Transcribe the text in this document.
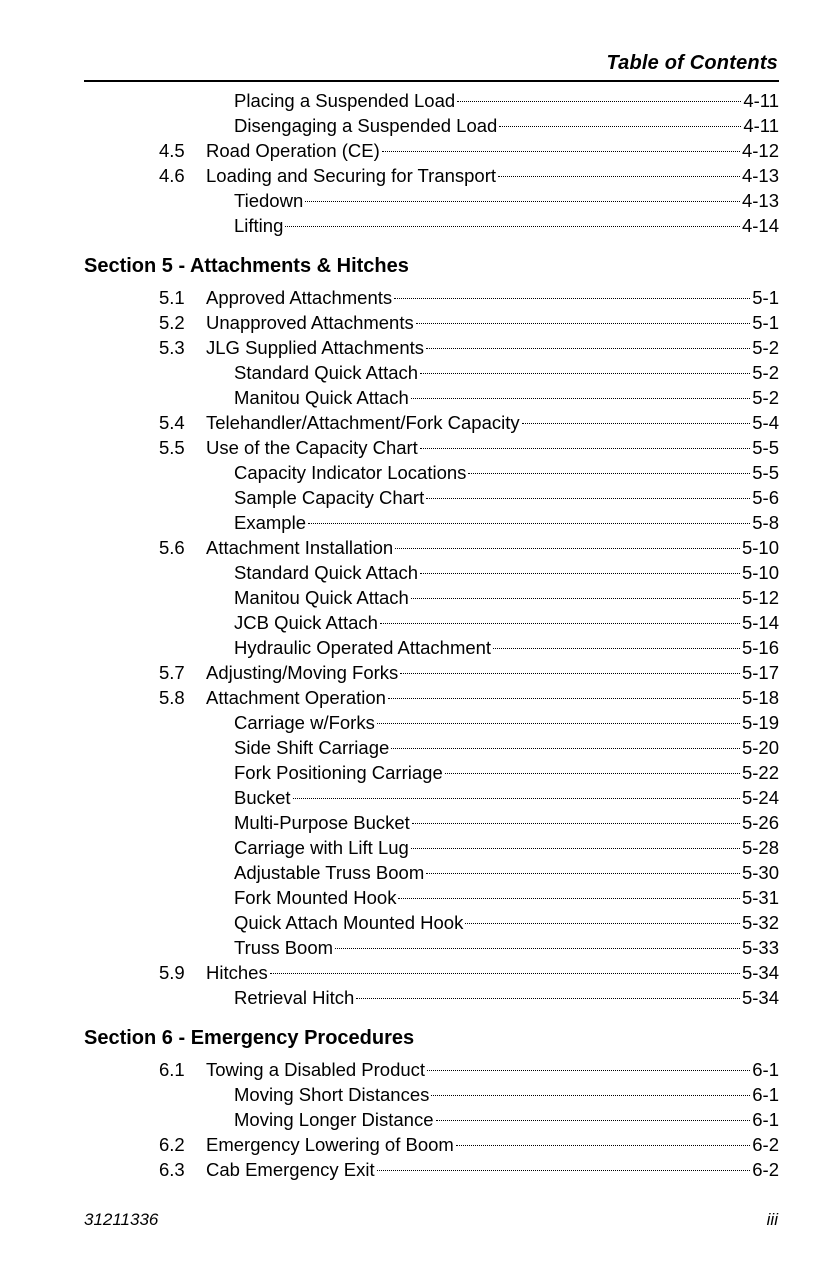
Table of Contents
Placing a Suspended Load	4-11
Disengaging a Suspended Load	4-11
4.5 Road Operation (CE)	4-12
4.6 Loading and Securing for Transport	4-13
Tiedown	4-13
Lifting	4-14
Section 5 - Attachments & Hitches
5.1 Approved Attachments	5-1
5.2 Unapproved Attachments	5-1
5.3 JLG Supplied Attachments	5-2
Standard Quick Attach	5-2
Manitou Quick Attach	5-2
5.4 Telehandler/Attachment/Fork Capacity	5-4
5.5 Use of the Capacity Chart	5-5
Capacity Indicator Locations	5-5
Sample Capacity Chart	5-6
Example	5-8
5.6 Attachment Installation	5-10
Standard Quick Attach	5-10
Manitou Quick Attach	5-12
JCB Quick Attach	5-14
Hydraulic Operated Attachment	5-16
5.7 Adjusting/Moving Forks	5-17
5.8 Attachment Operation	5-18
Carriage w/Forks	5-19
Side Shift Carriage	5-20
Fork Positioning Carriage	5-22
Bucket	5-24
Multi-Purpose Bucket	5-26
Carriage with Lift Lug	5-28
Adjustable Truss Boom	5-30
Fork Mounted Hook	5-31
Quick Attach Mounted Hook	5-32
Truss Boom	5-33
5.9 Hitches	5-34
Retrieval Hitch	5-34
Section 6 - Emergency Procedures
6.1 Towing a Disabled Product	6-1
Moving Short Distances	6-1
Moving Longer Distance	6-1
6.2 Emergency Lowering of Boom	6-2
6.3 Cab Emergency Exit	6-2
31211336	iii
